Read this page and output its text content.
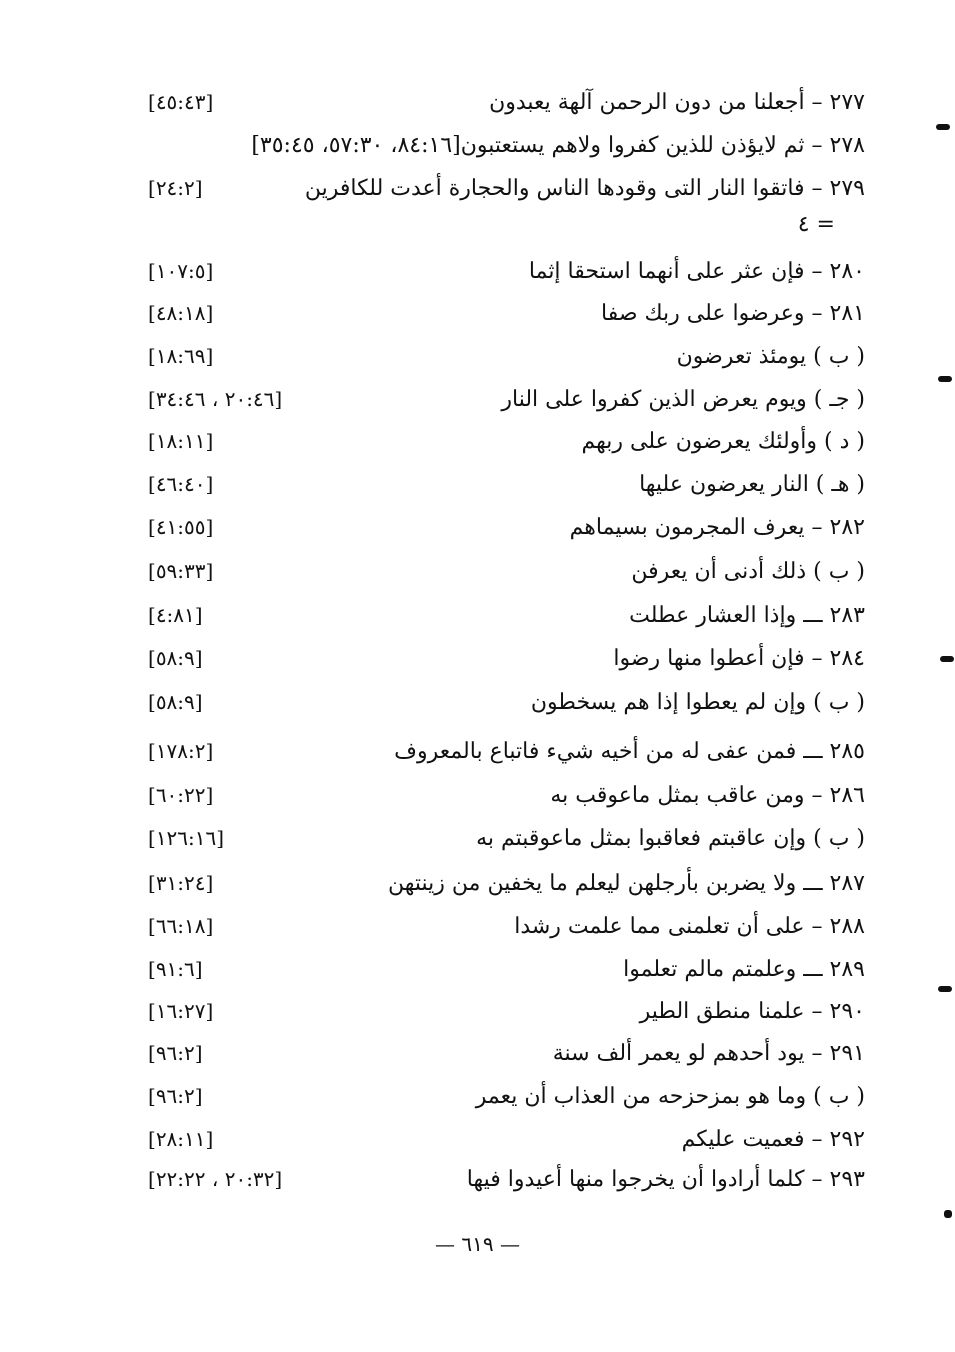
٢٧٧ – أجعلنا من دون الرحمن آلهة يعبدون
[٤٥:٤٣]
٢٧٨ – ثم لايؤذن للذين كفروا ولاهم يستعتبون[٨٤:١٦، ٥٧:٣٠، ٣٥:٤٥]
٢٧٩ – فاتقوا النار التى وقودها الناس والحجارة أعدت للكافرين
[٢٤:٢]
= ٤
٢٨٠ – فإن عثر على أنهما استحقا إثما
[١٠٧:٥]
٢٨١ – وعرضوا على ربك صفا
[٤٨:١٨]
( ب ) يومئذ تعرضون
[١٨:٦٩]
( جـ ) ويوم يعرض الذين كفروا على النار
[٢٠:٤٦ ، ٣٤:٤٦]
( د ) وأولئك يعرضون على ربهم
[١٨:١١]
( هـ ) النار يعرضون عليها
[٤٦:٤٠]
٢٨٢ – يعرف المجرمون بسيماهم
[٤١:٥٥]
( ب ) ذلك أدنى أن يعرفن
[٥٩:٣٣]
٢٨٣ ـــ وإذا العشار عطلت
[٤:٨١]
٢٨٤ – فإن أعطوا منها رضوا
[٥٨:٩]
( ب ) وإن لم يعطوا إذا هم يسخطون
[٥٨:٩]
٢٨٥ ـــ فمن عفى له من أخيه شيء فاتباع بالمعروف
[١٧٨:٢]
٢٨٦ – ومن عاقب بمثل ماعوقب به
[٦٠:٢٢]
( ب ) وإن عاقبتم فعاقبوا بمثل ماعوقبتم به
[١٢٦:١٦]
٢٨٧ ـــ ولا يضربن بأرجلهن ليعلم ما يخفين من زينتهن
[٣١:٢٤]
٢٨٨ – على أن تعلمنى مما علمت رشدا
[٦٦:١٨]
٢٨٩ ـــ وعلمتم مالم تعلموا
[٩١:٦]
٢٩٠ – علمنا منطق الطير
[١٦:٢٧]
٢٩١ – يود أحدهم لو يعمر ألف سنة
[٩٦:٢]
( ب ) وما هو بمزحزحه من العذاب أن يعمر
[٩٦:٢]
٢٩٢ – فعميت عليكم
[٢٨:١١]
٢٩٣ – كلما أرادوا أن يخرجوا منها أعيدوا فيها
[٢٠:٣٢ ، ٢٢:٢٢]
— ٦١٩ —
